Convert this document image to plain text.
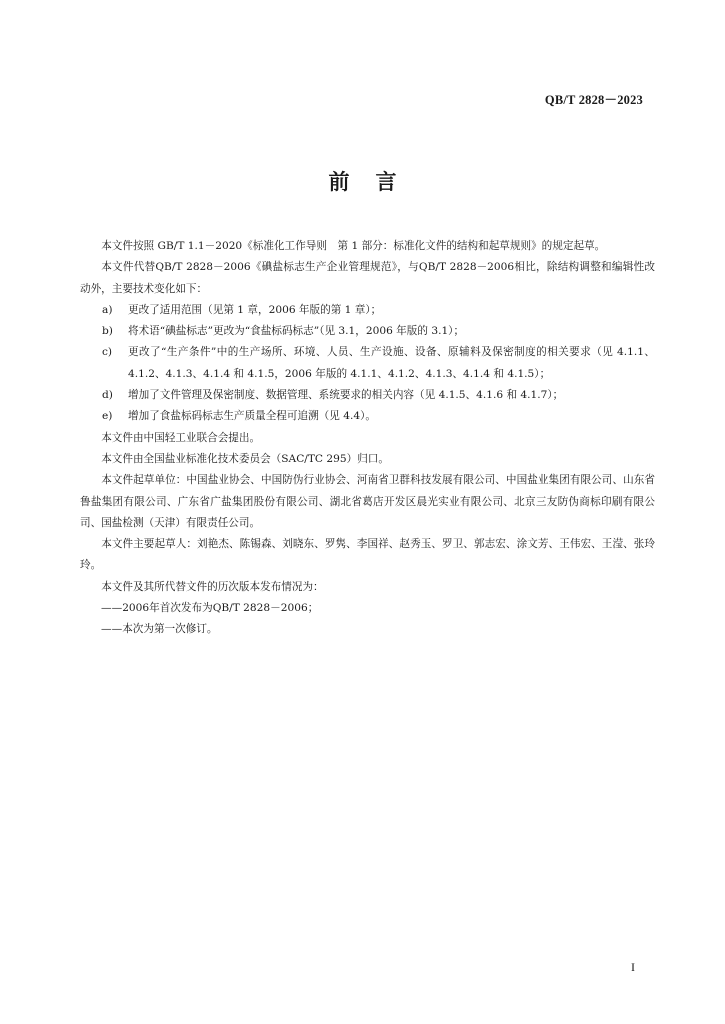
QB/T 2828－2023
前言

本文件按照 GB/T 1.1－2020《标准化工作导则　第 1 部分：标准化文件的结构和起草规则》的规定起草。

本文件代替QB/T 2828－2006《碘盐标志生产企业管理规范》，与QB/T 2828－2006相比，除结构调整和编辑性改动外，主要技术变化如下：

a)	更改了适用范围（见第 1 章，2006 年版的第 1 章）；
b)	将术语“碘盐标志”更改为“食盐标码标志”（见 3.1，2006 年版的 3.1）；
c)	更改了“生产条件”中的生产场所、环境、人员、生产设施、设备、原辅料及保密制度的相关要求（见 4.1.1、4.1.2、4.1.3、4.1.4 和 4.1.5，2006 年版的 4.1.1、4.1.2、4.1.3、4.1.4 和 4.1.5）；
d)	增加了文件管理及保密制度、数据管理、系统要求的相关内容（见 4.1.5、4.1.6 和 4.1.7）；
e)	增加了食盐标码标志生产质量全程可追溯（见 4.4）。

本文件由中国轻工业联合会提出。

本文件由全国盐业标准化技术委员会（SAC/TC 295）归口。

本文件起草单位：中国盐业协会、中国防伪行业协会、河南省卫群科技发展有限公司、中国盐业集团有限公司、山东省鲁盐集团有限公司、广东省广盐集团股份有限公司、湖北省葛店开发区晨光实业有限公司、北京三友防伪商标印刷有限公司、国盐检测（天津）有限责任公司。

本文件主要起草人：刘艳杰、陈锡森、刘晓东、罗隽、李国祥、赵秀玉、罗卫、郭志宏、涂文芳、王伟宏、王滢、张玲玲。

本文件及其所代替文件的历次版本发布情况为：

——2006年首次发布为QB/T 2828－2006；
——本次为第一次修订。
I
